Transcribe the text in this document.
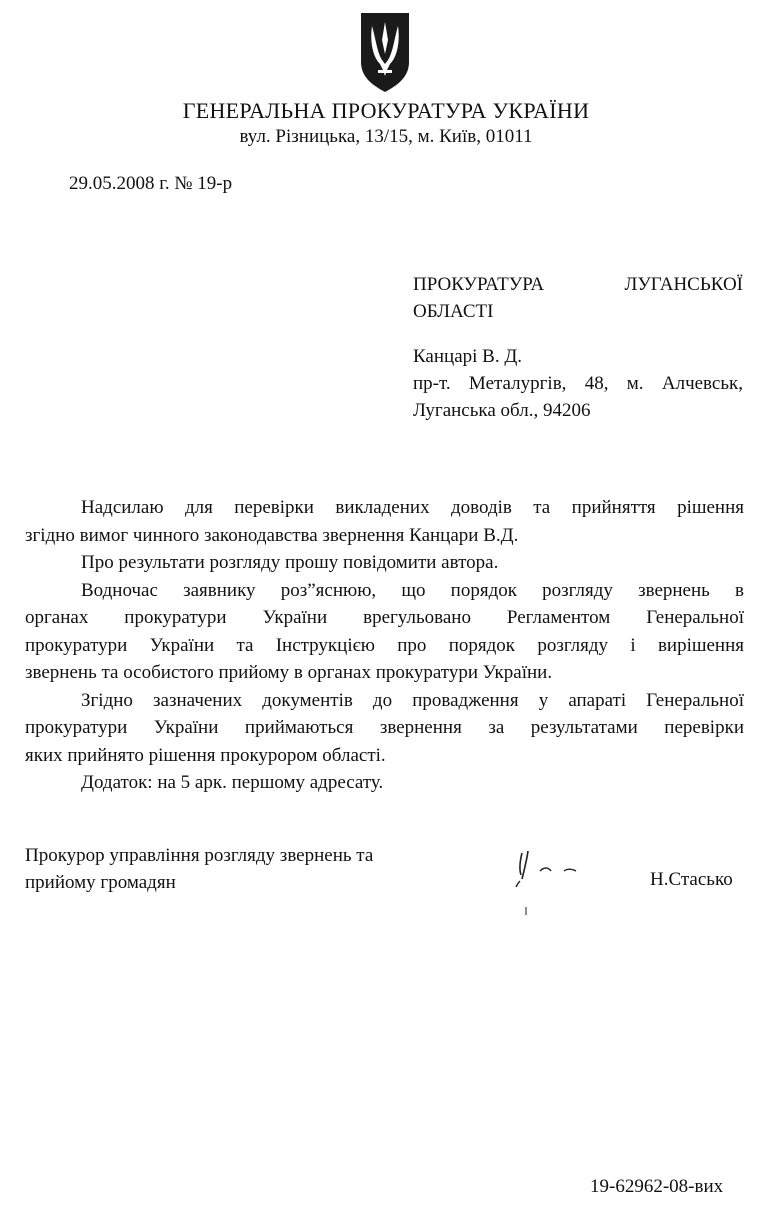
ГЕНЕРАЛЬНА ПРОКУРАТУРА УКРАЇНИ
вул. Різницька, 13/15, м. Київ, 01011
29.05.2008 г. № 19-р
ПРОКУРАТУРА	ЛУГАНСЬКОЇ
ОБЛАСТІ
Канцарі В. Д.
пр-т. Металургів, 48, м. Алчевськ,
Луганська обл., 94206
Надсилаю для перевірки викладених доводів та прийняття рішення
згідно вимог чинного законодавства звернення Канцари В.Д.
Про результати розгляду прошу повідомити автора.
Водночас заявнику роз”яснюю, що порядок розгляду звернень в
органах прокуратури України врегульовано Регламентом Генеральної
прокуратури України та Інструкцією про порядок розгляду і вирішення
звернень та особистого прийому в органах прокуратури України.
Згідно зазначених документів до провадження у апараті Генеральної
прокуратури України приймаються звернення за результатами перевірки
яких прийнято рішення прокурором області.
Додаток: на 5 арк. першому адресату.
Прокурор управління розгляду звернень та
прийому громадян	Н.Стасько
19-62962-08-вих
